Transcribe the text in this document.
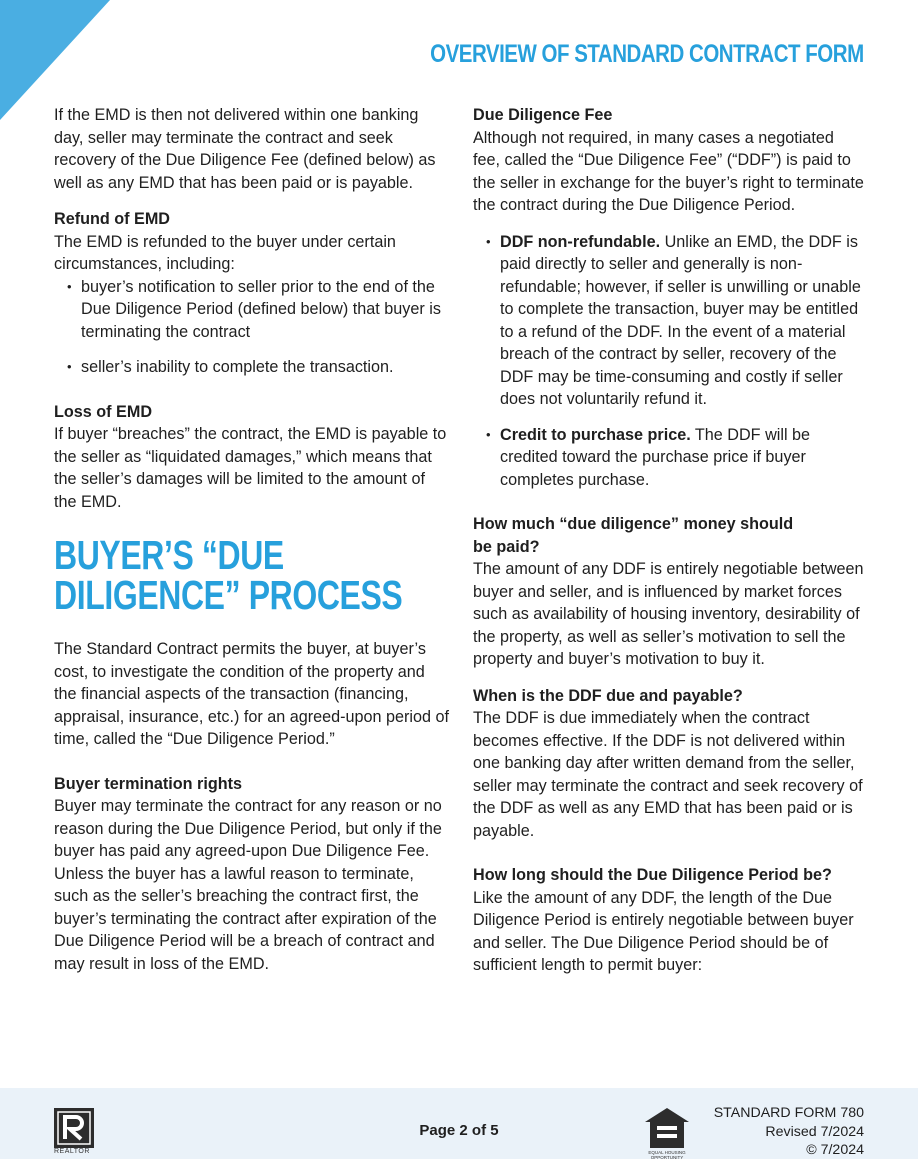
OVERVIEW OF STANDARD CONTRACT FORM

If the EMD is then not delivered within one banking day, seller may terminate the contract and seek recovery of the Due Diligence Fee (defined below) as well as any EMD that has been paid or is payable.

Refund of EMD

The EMD is refunded to the buyer under certain circumstances, including:

• buyer’s notification to seller prior to the end of the Due Diligence Period (defined below) that buyer is terminating the contract
• seller’s inability to complete the transaction.

Loss of EMD

If buyer “breaches” the contract, the EMD is payable to the seller as “liquidated damages,” which means that the seller’s damages will be limited to the amount of the EMD.

BUYER’S “DUE
DILIGENCE” PROCESS

The Standard Contract permits the buyer, at buyer’s cost, to investigate the condition of the property and the financial aspects of the transaction (financing, appraisal, insurance, etc.) for an agreed-upon period of time, called the “Due Diligence Period.”

Buyer termination rights

Buyer may terminate the contract for any reason or no reason during the Due Diligence Period, but only if the buyer has paid any agreed-upon Due Diligence Fee. Unless the buyer has a lawful reason to terminate, such as the seller’s breaching the contract first, the buyer’s terminating the contract after expiration of the Due Diligence Period will be a breach of contract and may result in loss of the EMD.

Due Diligence Fee

Although not required, in many cases a negotiated fee, called the “Due Diligence Fee” (“DDF”) is paid to the seller in exchange for the buyer’s right to terminate the contract during the Due Diligence Period.

• DDF non-refundable. Unlike an EMD, the DDF is paid directly to seller and generally is non-refundable; however, if seller is unwilling or unable to complete the transaction, buyer may be entitled to a refund of the DDF. In the event of a material breach of the contract by seller, recovery of the DDF may be time-consuming and costly if seller does not voluntarily refund it.
• Credit to purchase price. The DDF will be credited toward the purchase price if buyer completes purchase.

How much “due diligence” money should
be paid?

The amount of any DDF is entirely negotiable between buyer and seller, and is influenced by market forces such as availability of housing inventory, desirability of the property, as well as seller’s motivation to sell the property and buyer’s motivation to buy it.

When is the DDF due and payable?

The DDF is due immediately when the contract becomes effective. If the DDF is not delivered within one banking day after written demand from the seller, seller may terminate the contract and seek recovery of the DDF as well as any EMD that has been paid or is payable.

How long should the Due Diligence Period be?

Like the amount of any DDF, the length of the Due Diligence Period is entirely negotiable between buyer and seller. The Due Diligence Period should be of sufficient length to permit buyer:

REALTOR
Page 2 of 5
EQUAL HOUSING OPPORTUNITY
STANDARD FORM 780
Revised 7/2024
© 7/2024
